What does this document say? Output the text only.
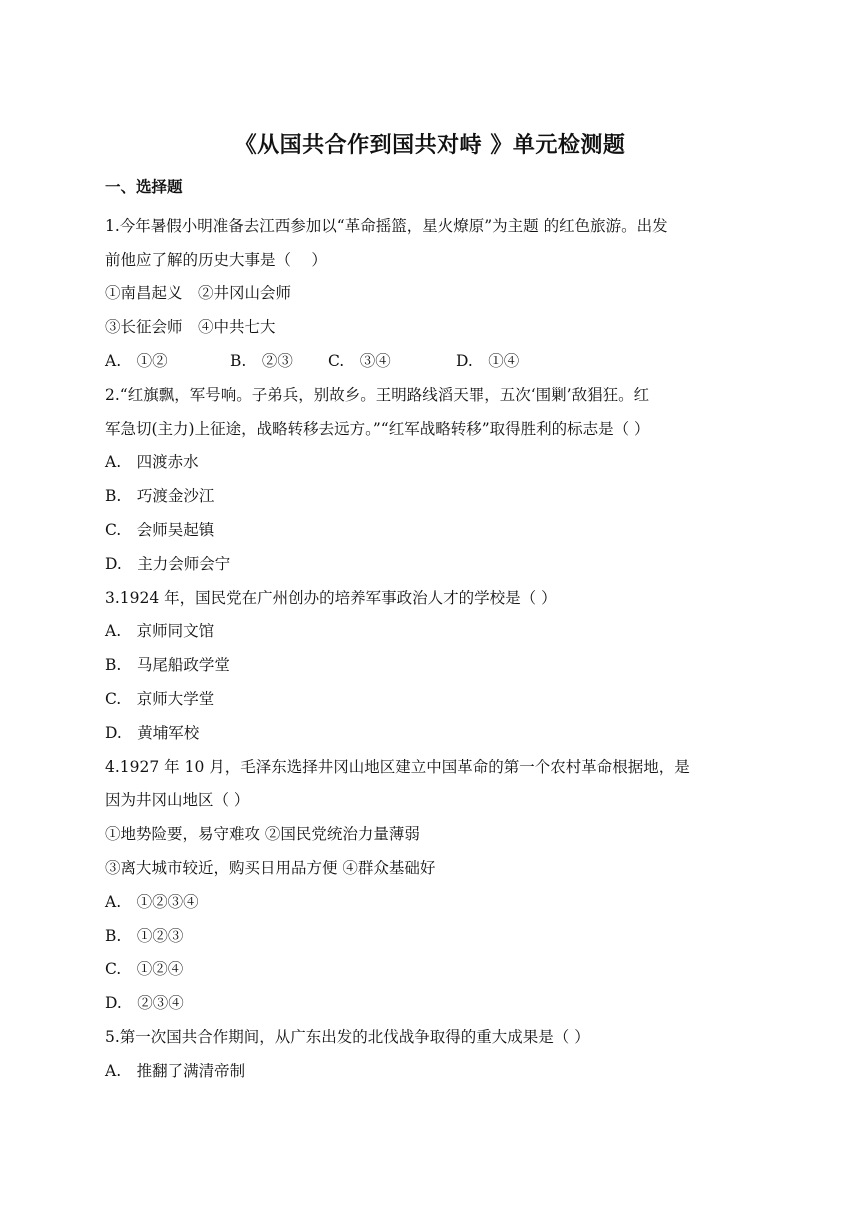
《从国共合作到国共对峙 》单元检测题
一、选择题
1.今年暑假小明准备去江西参加以“革命摇篮，星火燎原”为主题 的红色旅游。出发
前他应了解的历史大事是（　 ）
①南昌起义　②井冈山会师
③长征会师　④中共七大
A.　①②	B.　②③ C.　③④	D.　①④
2.“红旗飘，军号响。子弟兵，别故乡。王明路线滔天罪，五次‘围剿’敌猖狂。红
军急切(主力)上征途，战略转移去远方。”“红军战略转移”取得胜利的标志是（ ）
A.　四渡赤水
B.　巧渡金沙江
C.　会师吴起镇
D.　主力会师会宁
3.1924 年，国民党在广州创办的培养军事政治人才的学校是（ ）
A.　京师同文馆
B.　马尾船政学堂
C.　京师大学堂
D.　黄埔军校
4.1927 年 10 月，毛泽东选择井冈山地区建立中国革命的第一个农村革命根据地，是
因为井冈山地区（ ）
①地势险要，易守难攻 ②国民党统治力量薄弱
③离大城市较近，购买日用品方便 ④群众基础好
A.　①②③④
B.　①②③
C.　①②④
D.　②③④
5.第一次国共合作期间，从广东出发的北伐战争取得的重大成果是（ ）
A.　推翻了满清帝制
